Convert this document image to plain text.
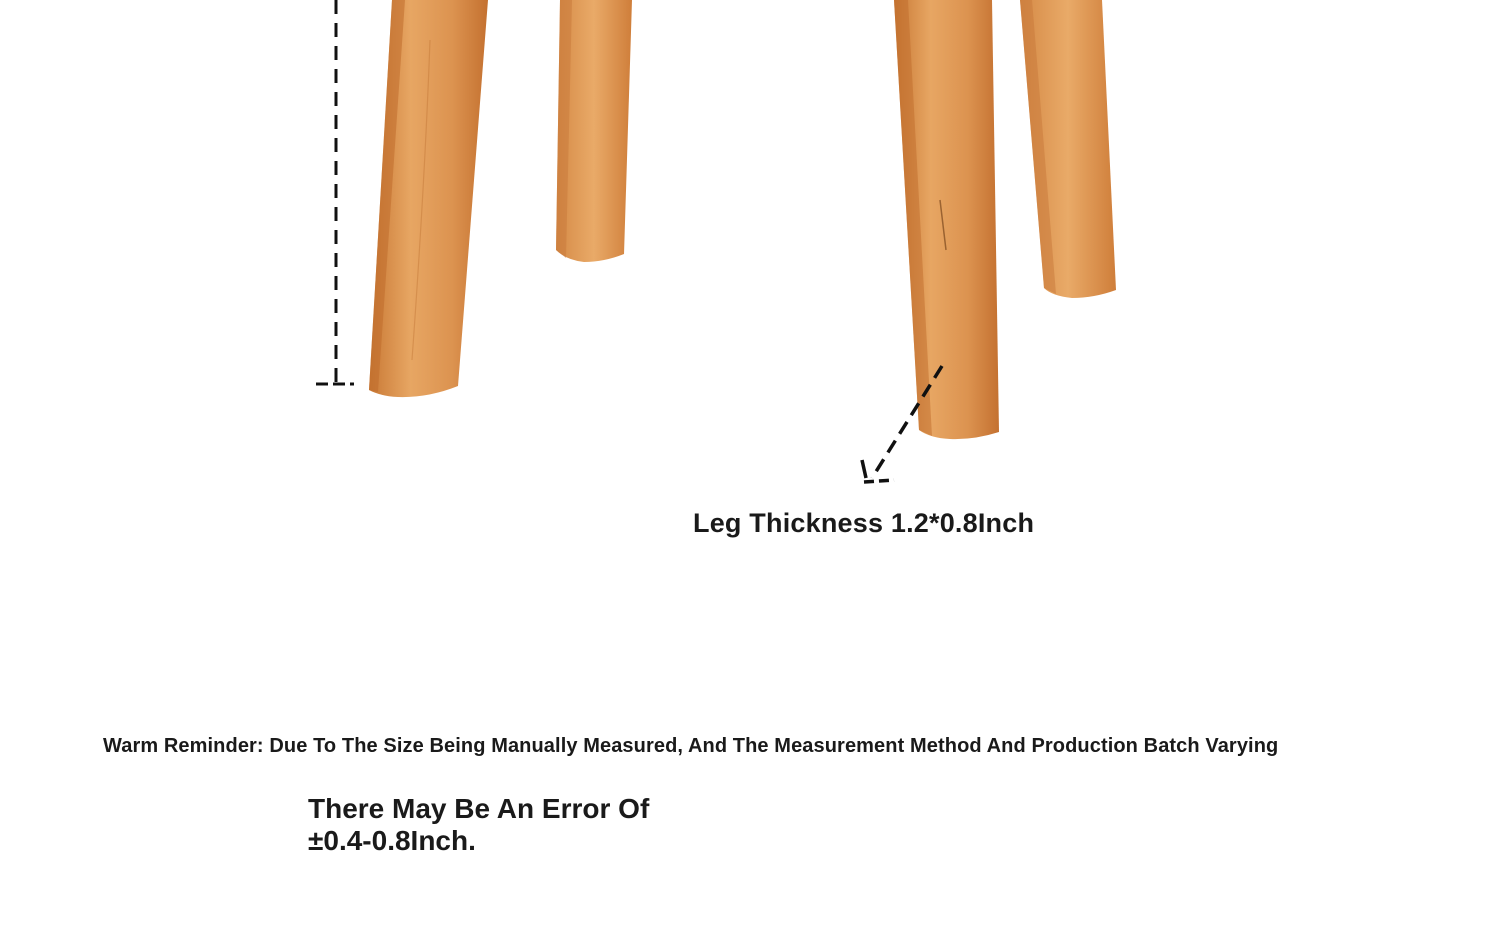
Leg Thickness 1.2*0.8Inch
Warm Reminder: Due To The Size Being Manually Measured, And The Measurement Method And Production Batch Varying
There May Be An Error Of
±0.4-0.8Inch.
